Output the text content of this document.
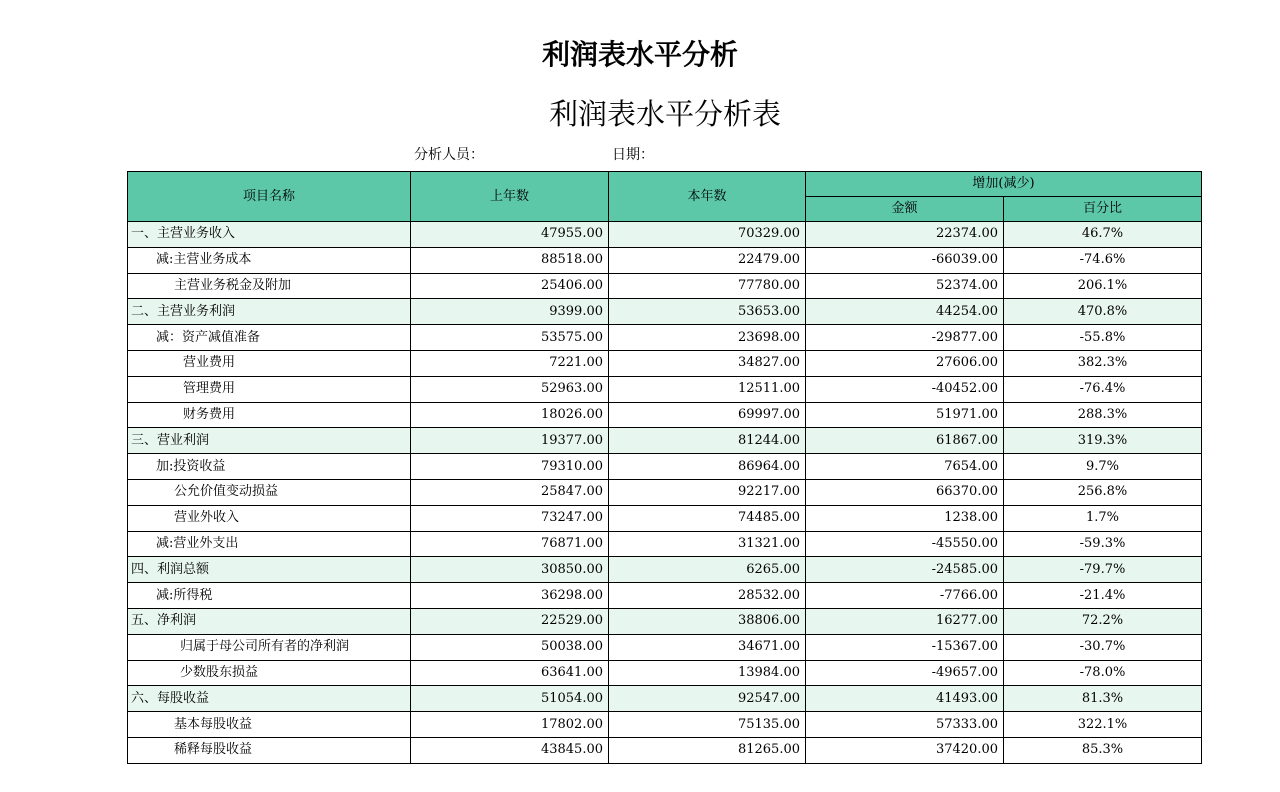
利润表水平分析
利润表水平分析表
分析人员：	日期：
项目名称	上年数	本年数	增加(减少)	
			金额	百分比
一、主营业务收入	47955.00	70329.00	22374.00	46.7%
减:主营业务成本	88518.00	22479.00	-66039.00	-74.6%
主营业务税金及附加	25406.00	77780.00	52374.00	206.1%
二、主营业务利润	9399.00	53653.00	44254.00	470.8%
减：资产减值准备	53575.00	23698.00	-29877.00	-55.8%
营业费用	7221.00	34827.00	27606.00	382.3%
管理费用	52963.00	12511.00	-40452.00	-76.4%
财务费用	18026.00	69997.00	51971.00	288.3%
三、营业利润	19377.00	81244.00	61867.00	319.3%
加:投资收益	79310.00	86964.00	7654.00	9.7%
公允价值变动损益	25847.00	92217.00	66370.00	256.8%
营业外收入	73247.00	74485.00	1238.00	1.7%
减:营业外支出	76871.00	31321.00	-45550.00	-59.3%
四、利润总额	30850.00	6265.00	-24585.00	-79.7%
减:所得税	36298.00	28532.00	-7766.00	-21.4%
五、净利润	22529.00	38806.00	16277.00	72.2%
归属于母公司所有者的净利润	50038.00	34671.00	-15367.00	-30.7%
少数股东损益	63641.00	13984.00	-49657.00	-78.0%
六、每股收益	51054.00	92547.00	41493.00	81.3%
基本每股收益	17802.00	75135.00	57333.00	322.1%
稀释每股收益	43845.00	81265.00	37420.00	85.3%
